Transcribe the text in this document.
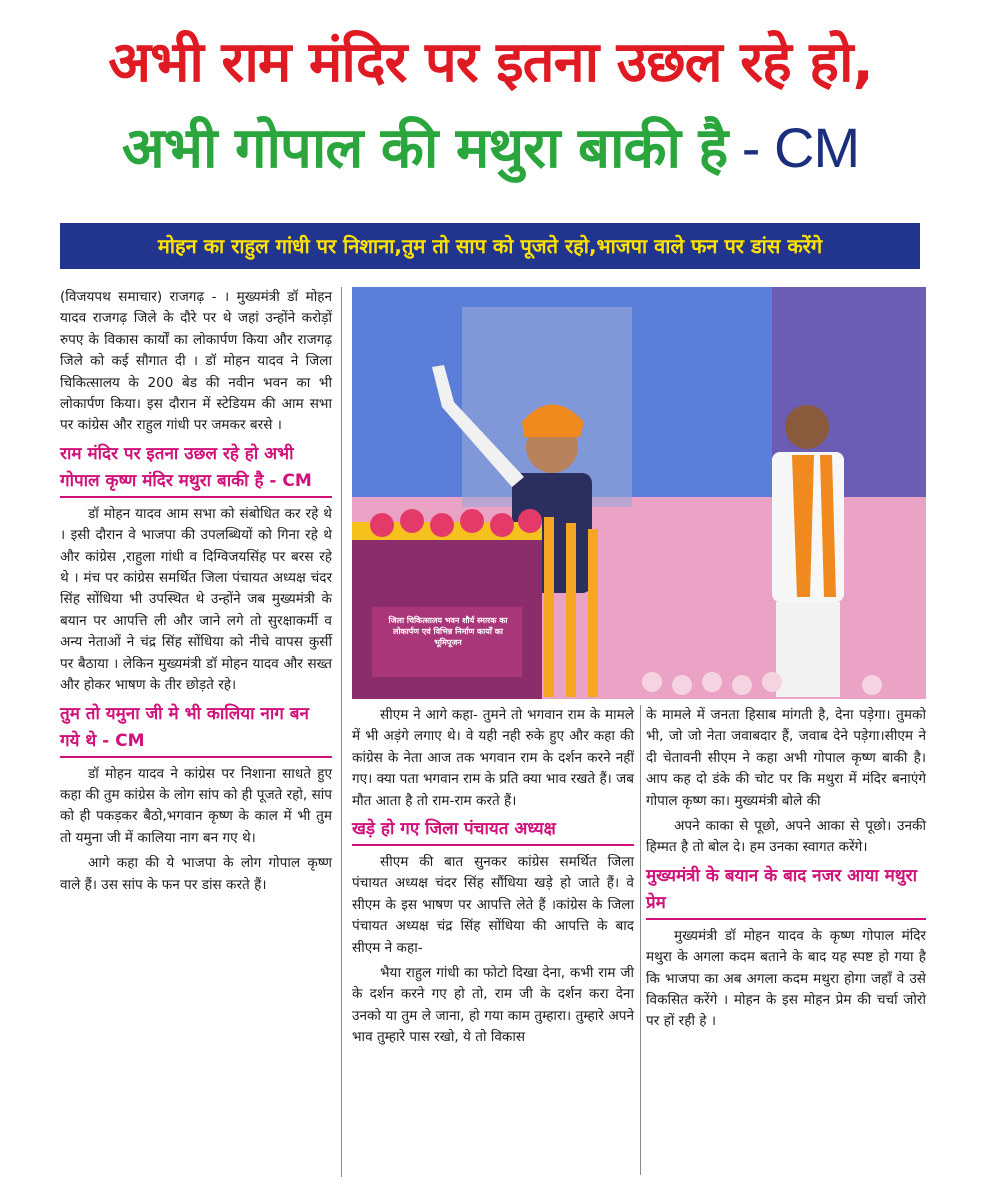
अभी राम मंदिर पर इतना उछल रहे हो,
अभी गोपाल की मथुरा बाकी है - CM
मोहन का राहुल गांधी पर निशाना,तुम तो साप को पूजते रहो,भाजपा वाले फन पर डांस करेंगे

(विजयपथ समाचार) राजगढ़ - । मुख्यमंत्री डॉ मोहन यादव राजगढ़ जिले के दौरे पर थे जहां उन्होंने करोड़ों रुपए के विकास कार्यों का लोकार्पण किया और राजगढ़ जिले को कई सौगात दी । डॉ मोहन यादव ने जिला चिकित्सालय के 200 बेड की नवीन भवन का भी लोकार्पण किया। इस दौरान में स्टेडियम की आम सभा पर कांग्रेस और राहुल गांधी पर जमकर बरसे ।

राम मंदिर पर इतना उछल रहे हो अभी गोपाल कृष्ण मंदिर मथुरा बाकी है - CM

डॉ मोहन यादव आम सभा को संबोधित कर रहे थे । इसी दौरान वे भाजपा की उपलब्धियों को गिना रहे थे और कांग्रेस ,राहुला गांधी व दिग्विजयसिंह पर बरस रहे थे । मंच पर कांग्रेस समर्थित जिला पंचायत अध्यक्ष चंदर सिंह सोंधिया भी उपस्थित थे उन्होंने जब मुख्यमंत्री के बयान पर आपत्ति ली और जाने लगे तो सुरक्षाकर्मी व अन्य नेताओं ने चंद्र सिंह सोंधिया को नीचे वापस कुर्सी पर बैठाया । लेकिन मुख्यमंत्री डॉ मोहन यादव और सख्त और होकर भाषण के तीर छोड़ते रहे।

तुम तो यमुना जी मे भी कालिया नाग बन गये थे - CM

डॉ मोहन यादव ने कांग्रेस पर निशाना साधते हुए कहा की तुम कांग्रेस के लोग सांप को ही पूजते रहो, सांप को ही पकड़कर बैठो,भगवान कृष्ण के काल में भी तुम तो यमुना जी में कालिया नाग बन गए थे।

आगे कहा की ये भाजपा के लोग गोपाल कृष्ण वाले हैं। उस सांप के फन पर डांस करते हैं।

जिला चिकित्सालय भवन शौर्य स्मारक का लोकार्पण एवं विभिन्न निर्माण कार्यों का भूमिपूजन

सीएम ने आगे कहा- तुमने तो भगवान राम के मामले में भी अड़ंगे लगाए थे। वे यही नही रुके हुए और कहा की कांग्रेस के नेता आज तक भगवान राम के दर्शन करने नहीं गए। क्या पता भगवान राम के प्रति क्या भाव रखते हैं। जब मौत आता है तो राम-राम करते हैं।

खड़े हो गए जिला पंचायत अध्यक्ष

सीएम की बात सुनकर कांग्रेस समर्थित जिला पंचायत अध्यक्ष चंदर सिंह सौंधिया खड़े हो जाते हैं। वे सीएम के इस भाषण पर आपत्ति लेते हैं ।कांग्रेस के जिला पंचायत अध्यक्ष चंद्र सिंह सोंधिया की आपत्ति के बाद सीएम ने कहा-

भैया राहुल गांधी का फोटो दिखा देना, कभी राम जी के दर्शन करने गए हो तो, राम जी के दर्शन करा देना उनको या तुम ले जाना, हो गया काम तुम्हारा। तुम्हारे अपने भाव तुम्हारे पास रखो, ये तो विकास

के मामले में जनता हिसाब मांगती है, देना पड़ेगा। तुमको भी, जो जो नेता जवाबदार हैं, जवाब देने पड़ेगा।सीएम ने दी चेतावनी सीएम ने कहा अभी गोपाल कृष्ण बाकी है। आप कह दो डंके की चोट पर कि मथुरा में मंदिर बनाएंगे गोपाल कृष्ण का। मुख्यमंत्री बोले की

अपने काका से पूछो, अपने आका से पूछो। उनकी हिम्मत है तो बोल दे। हम उनका स्वागत करेंगे।

मुख्यमंत्री के बयान के बाद नजर आया मथुरा प्रेम

मुख्यमंत्री डॉ मोहन यादव के कृष्ण गोपाल मंदिर मथुरा के अगला कदम बताने के बाद यह स्पष्ट हो गया है कि भाजपा का अब अगला कदम मथुरा होगा जहाँ वे उसे विकसित करेंगे । मोहन के इस मोहन प्रेम की चर्चा जोरो पर हों रही हे ।
